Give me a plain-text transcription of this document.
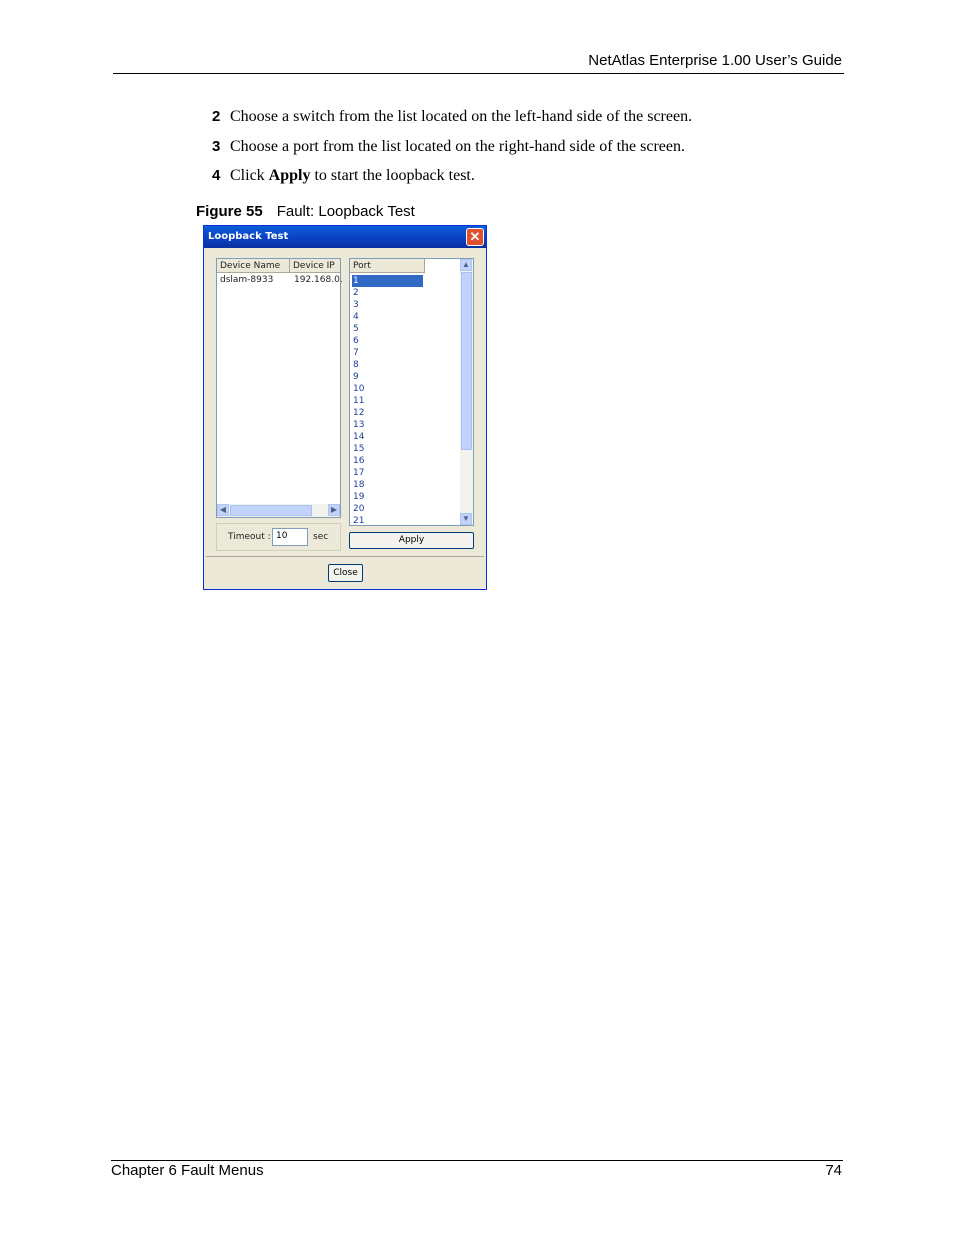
NetAtlas Enterprise 1.00 User’s Guide
2 Choose a switch from the list located on the left-hand side of the screen.
3 Choose a port from the list located on the right-hand side of the screen.
4 Click Apply to start the loopback test.
Figure 55 Fault: Loopback Test
Loopback Test	✕
Device Name	Device IP
dslam-8933 192.168.0.
◀	▶
Port
1
2
3
4
5
6
7
8
9
10
11
12
13
14
15
16
17
18
19
20
21
▲
▼
Timeout : 10	sec	Apply
Close
Chapter 6 Fault Menus	74
